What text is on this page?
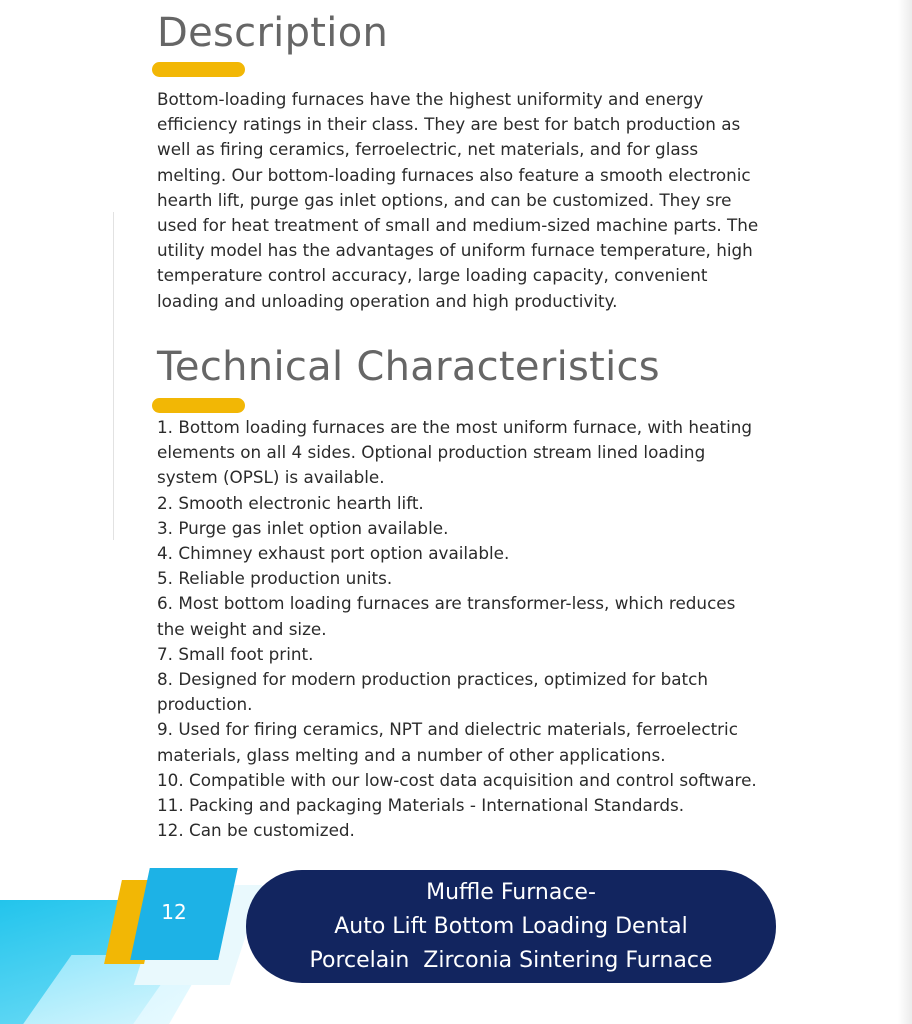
Description

Bottom-loading furnaces have the highest uniformity and energy efficiency ratings in their class. They are best for batch production as well as firing ceramics, ferroelectric, net materials, and for glass melting. Our bottom-loading furnaces also feature a smooth electronic hearth lift, purge gas inlet options, and can be customized. They sre used for heat treatment of small and medium-sized machine parts. The utility model has the advantages of uniform furnace temperature, high temperature control accuracy, large loading capacity, convenient loading and unloading operation and high productivity.

Technical Characteristics
1. Bottom loading furnaces are the most uniform furnace, with heating elements on all 4 sides. Optional production stream lined loading system (OPSL) is available.
2. Smooth electronic hearth lift.
3. Purge gas inlet option available.
4. Chimney exhaust port option available.
5. Reliable production units.
6. Most bottom loading furnaces are transformer-less, which reduces the weight and size.
7. Small foot print.
8. Designed for modern production practices, optimized for batch production.
9. Used for firing ceramics, NPT and dielectric materials, ferroelectric materials, glass melting and a number of other applications.
10. Compatible with our low-cost data acquisition and control software.
11. Packing and packaging Materials - International Standards.
12. Can be customized.
12
Muffle Furnace-
Auto Lift Bottom Loading Dental
Porcelain  Zirconia Sintering Furnace
